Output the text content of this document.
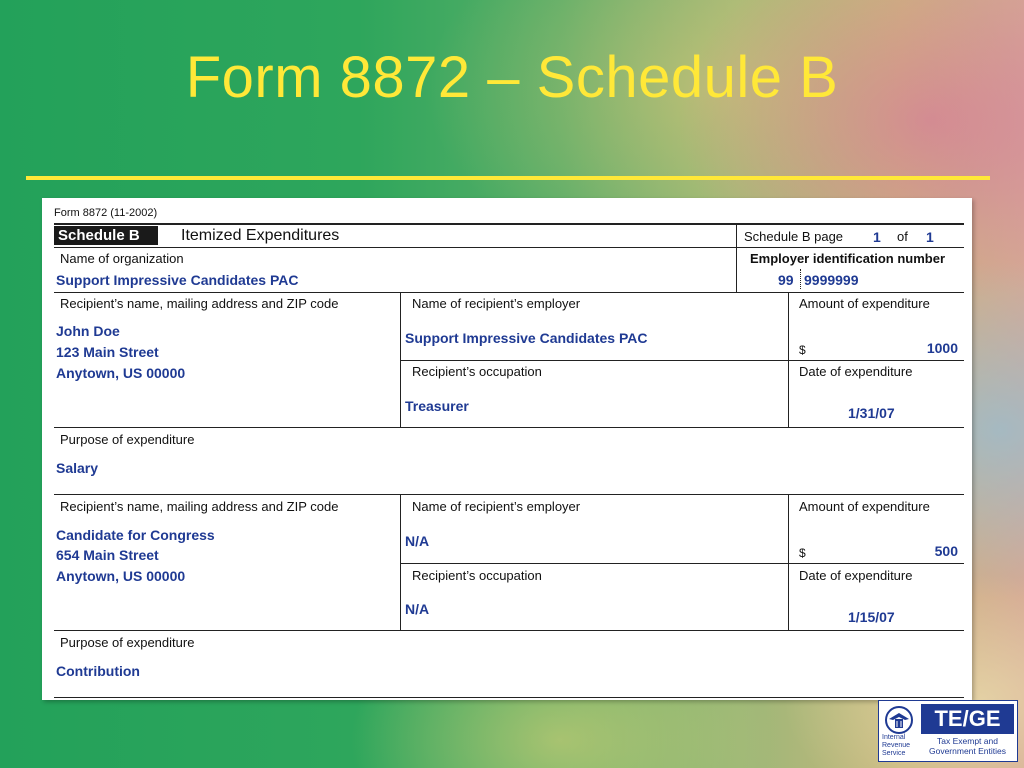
Form 8872 – Schedule B
Form 8872 (11-2002)
Schedule B	Itemized Expenditures	Schedule B page 1 of 1
Name of organization
Support Impressive Candidates PAC
Employer identification number
99 9999999
Recipient’s name, mailing address and ZIP code
John Doe
123 Main Street
Anytown, US 00000
Name of recipient’s employer
Support Impressive Candidates PAC
Amount of expenditure
$	1000
Recipient’s occupation
Treasurer
Date of expenditure
1/31/07
Purpose of expenditure
Salary
Recipient’s name, mailing address and ZIP code
Candidate for Congress
654 Main Street
Anytown, US 00000
Name of recipient’s employer
N/A
Amount of expenditure
$	500
Recipient’s occupation
N/A
Date of expenditure
1/15/07
Purpose of expenditure
Contribution
Internal
Revenue
Service
TE/GE
Tax Exempt and Government Entities
